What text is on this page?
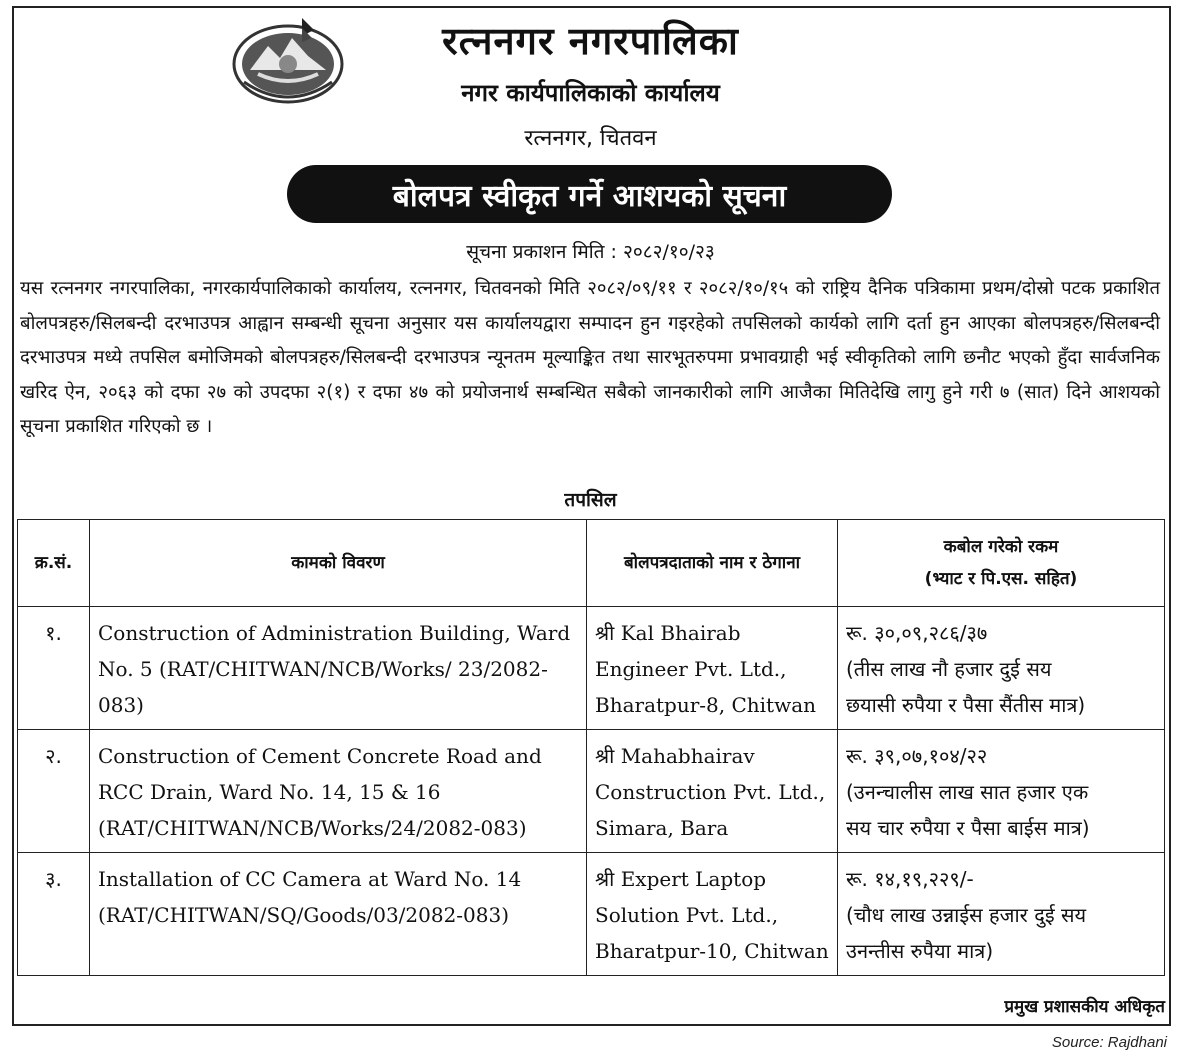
रत्ननगर नगरपालिका
नगर कार्यपालिकाको कार्यालय
रत्ननगर, चितवन
बोलपत्र स्वीकृत गर्ने आशयको सूचना
सूचना प्रकाशन मिति : २०८२/१०/२३
यस रत्ननगर नगरपालिका, नगरकार्यपालिकाको कार्यालय, रत्ननगर, चितवनको मिति २०८२/०९/११ र २०८२/१०/१५ को राष्ट्रिय दैनिक पत्रिकामा प्रथम/दोस्रो पटक प्रकाशित बोलपत्रहरु/सिलबन्दी दरभाउपत्र आह्वान सम्बन्धी सूचना अनुसार यस कार्यालयद्वारा सम्पादन हुन गइरहेको तपसिलको कार्यको लागि दर्ता हुन आएका बोलपत्रहरु/सिलबन्दी दरभाउपत्र मध्ये तपसिल बमोजिमको बोलपत्रहरु/सिलबन्दी दरभाउपत्र न्यूनतम मूल्याङ्कित तथा सारभूतरुपमा प्रभावग्राही भई स्वीकृतिको लागि छनौट भएको हुँदा सार्वजनिक खरिद ऐन, २०६३ को दफा २७ को उपदफा २(१) र दफा ४७ को प्रयोजनार्थ सम्बन्धित सबैको जानकारीको लागि आजैका मितिदेखि लागु हुने गरी ७ (सात) दिने आशयको सूचना प्रकाशित गरिएको छ ।
तपसिल
क्र.सं.	कामको विवरण	बोलपत्रदाताको नाम र ठेगाना	कबोल गरेको रकम
(भ्याट र पि.एस. सहित)
१.	Construction of Administration Building, Ward No. 5 (RAT/CHITWAN/NCB/Works/ 23/2082-083)	श्री Kal Bhairab
Engineer Pvt. Ltd.,
Bharatpur-8, Chitwan	रू. ३०,०९,२८६/३७
(तीस लाख नौ हजार दुई सय
छयासी रुपैया र पैसा सैंतीस मात्र)
२.	Construction of Cement Concrete Road and RCC Drain, Ward No. 14, 15 & 16 (RAT/CHITWAN/NCB/Works/24/2082-083)	श्री Mahabhairav
Construction Pvt. Ltd.,
Simara, Bara	रू. ३९,०७,१०४/२२
(उनन्चालीस लाख सात हजार एक
सय चार रुपैया र पैसा बाईस मात्र)
३.	Installation of CC Camera at Ward No. 14 (RAT/CHITWAN/SQ/Goods/03/2082-083)	श्री Expert Laptop
Solution Pvt. Ltd.,
Bharatpur-10, Chitwan	रू. १४,१९,२२९/-
(चौध लाख उन्नाईस हजार दुई सय
उनन्तीस रुपैया मात्र)
प्रमुख प्रशासकीय अधिकृत
Source: Rajdhani
